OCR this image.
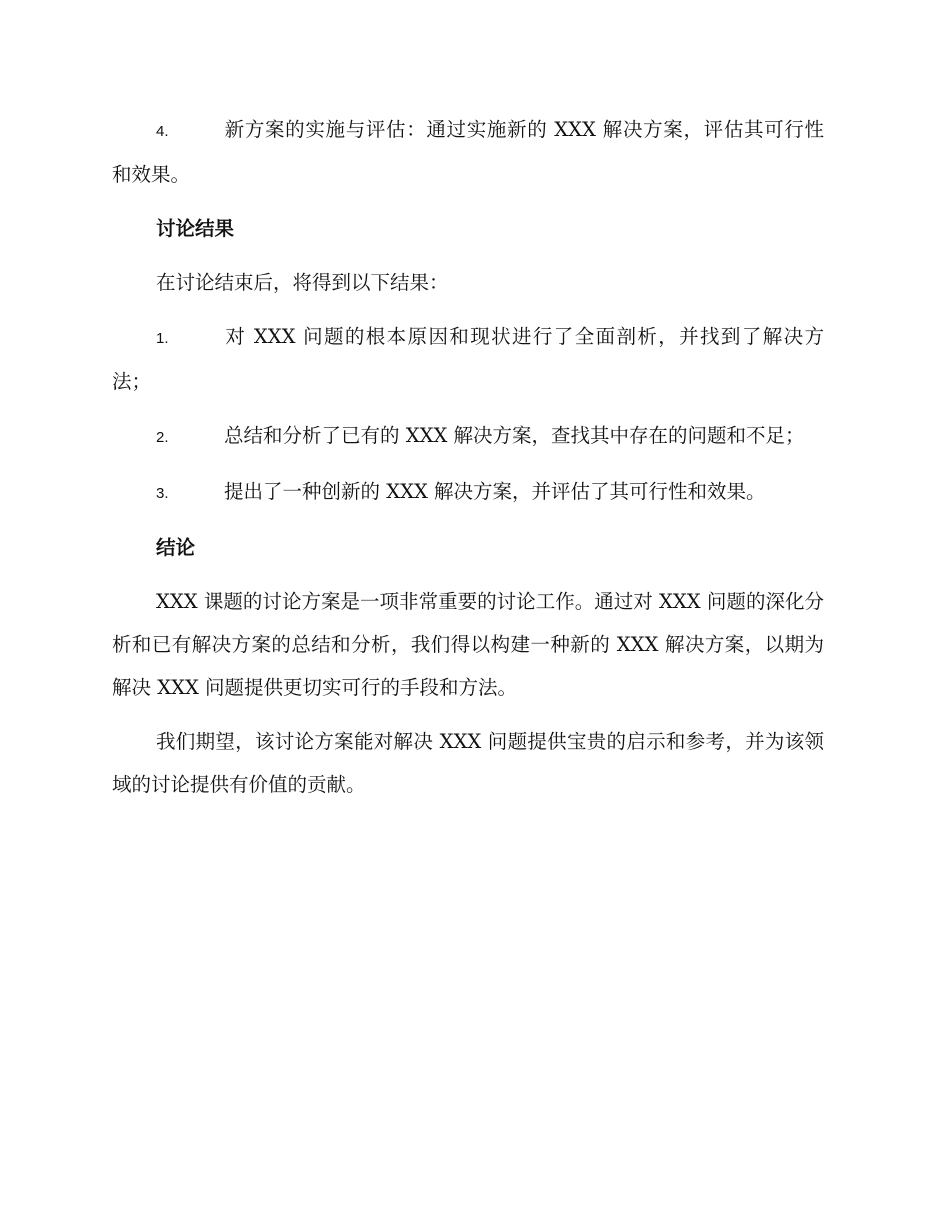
4.	新方案的实施与评估：通过实施新的 XXX 解决方案，评估其可行性和效果。

讨论结果

在讨论结束后，将得到以下结果：

1.	对 XXX 问题的根本原因和现状进行了全面剖析，并找到了解决方法；

2.	总结和分析了已有的 XXX 解决方案，查找其中存在的问题和不足；

3.	提出了一种创新的 XXX 解决方案，并评估了其可行性和效果。

结论

XXX 课题的讨论方案是一项非常重要的讨论工作。通过对 XXX 问题的深化分析和已有解决方案的总结和分析，我们得以构建一种新的 XXX 解决方案，以期为解决 XXX 问题提供更切实可行的手段和方法。

我们期望，该讨论方案能对解决 XXX 问题提供宝贵的启示和参考，并为该领域的讨论提供有价值的贡献。
